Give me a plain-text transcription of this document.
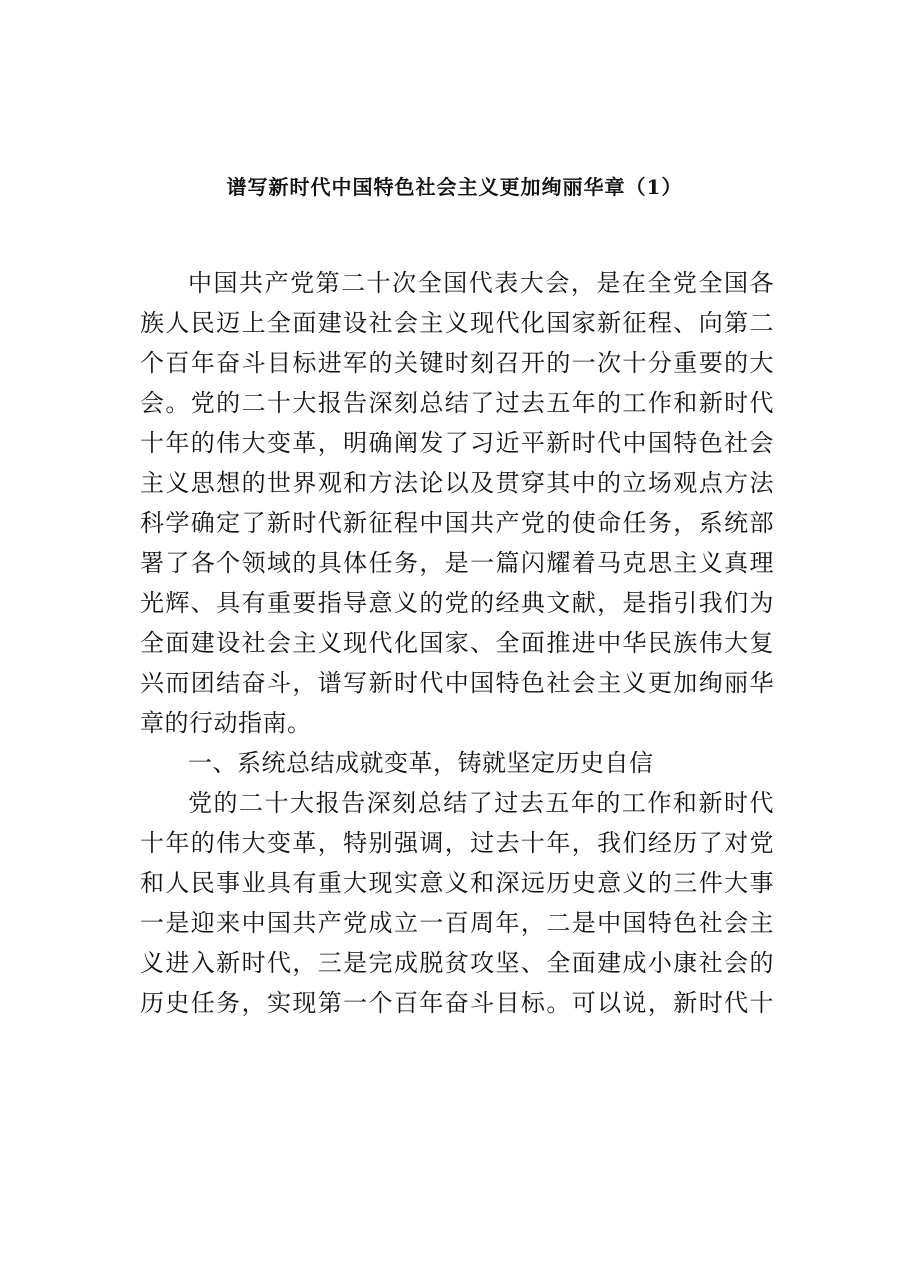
谱写新时代中国特色社会主义更加绚丽华章（1）
中国共产党第二十次全国代表大会，是在全党全国各
族人民迈上全面建设社会主义现代化国家新征程、向第二
个百年奋斗目标进军的关键时刻召开的一次十分重要的大
会。党的二十大报告深刻总结了过去五年的工作和新时代
十年的伟大变革，明确阐发了习近平新时代中国特色社会
主义思想的世界观和方法论以及贯穿其中的立场观点方法
科学确定了新时代新征程中国共产党的使命任务，系统部
署了各个领域的具体任务，是一篇闪耀着马克思主义真理
光辉、具有重要指导意义的党的经典文献，是指引我们为
全面建设社会主义现代化国家、全面推进中华民族伟大复
兴而团结奋斗，谱写新时代中国特色社会主义更加绚丽华
章的行动指南。
一、系统总结成就变革，铸就坚定历史自信
党的二十大报告深刻总结了过去五年的工作和新时代
十年的伟大变革，特别强调，过去十年，我们经历了对党
和人民事业具有重大现实意义和深远历史意义的三件大事
一是迎来中国共产党成立一百周年，二是中国特色社会主
义进入新时代，三是完成脱贫攻坚、全面建成小康社会的
历史任务，实现第一个百年奋斗目标。可以说，新时代十
